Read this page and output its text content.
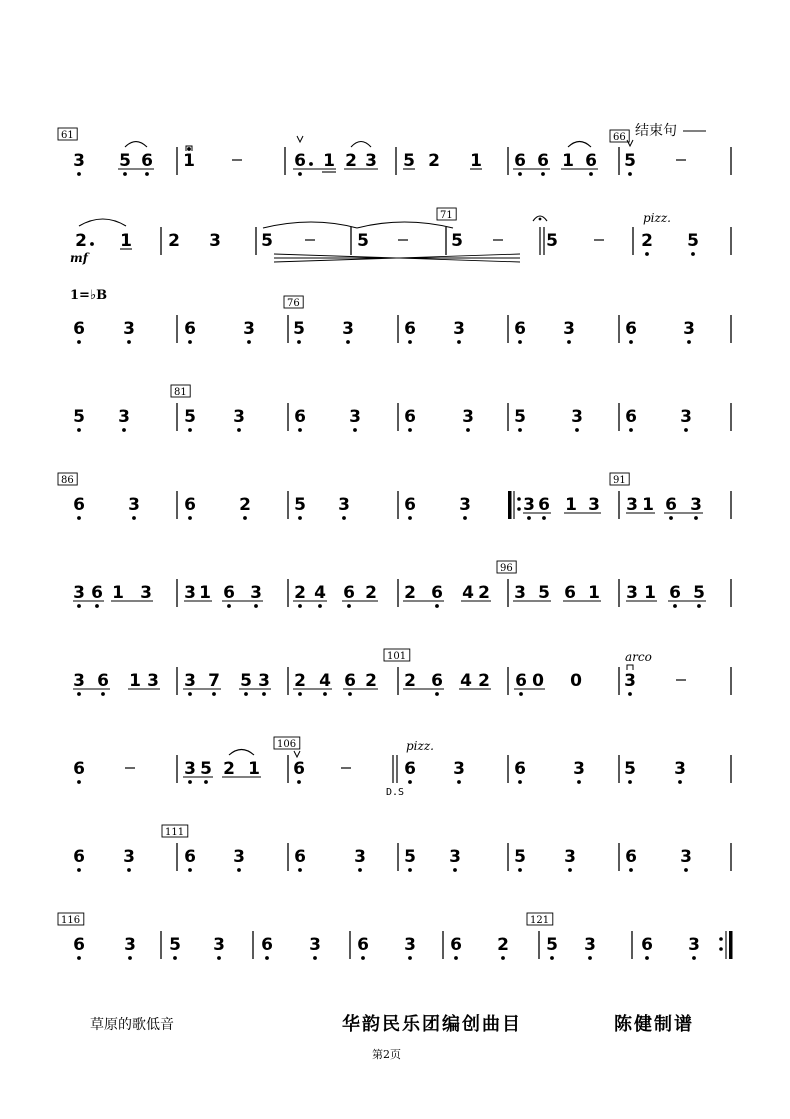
61
3 5 6 1	6 1 2 3 5 2 1 6 6 1 6
66 结束句
5
2 1
mf
2 3 5	5
71
5	5
pizz.
2 5
1=♭B
76
6 3	6	3 5 3	6 3	6 3	6	3
81
5 3	5 3	6	3	6	3 5	3 6	3
86
6	3	6	2	5 3	6	3	3 6 1 3
91
3 1 6 3
3 6 1 3 3 1 6 3 2 4 6 2 2 6 4 2
96
3 5 6 1 3 1 6 5
3 6 1 3 3 7 5 3 2 4 6 2
101
2 6 4 2 6 0 0
arco
3
6	3 5 2 1
106
6
pizz.
6 3
D.S
6	3 5 3
111
6 3	6 3	6	3 5 3	5 3	6	3
116	121
6 3 5 3 6 3 6 3 6 2 5 3	6 3
草原的歌低音	华韵民乐团编创曲目	陈健制谱
第2页
